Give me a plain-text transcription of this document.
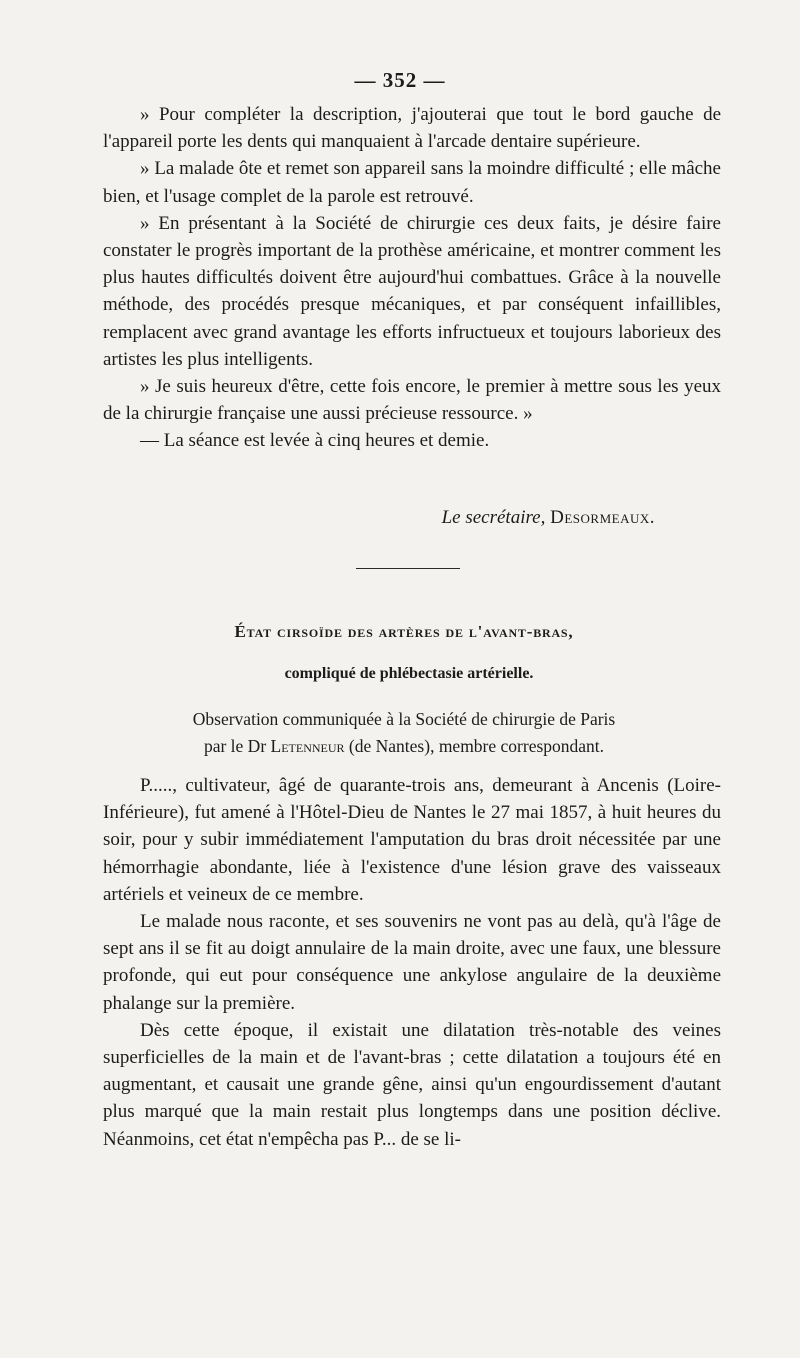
— 352 —

» Pour compléter la description, j'ajouterai que tout le bord gauche de l'appareil porte les dents qui manquaient à l'arcade dentaire supérieure.

» La malade ôte et remet son appareil sans la moindre difficulté ; elle mâche bien, et l'usage complet de la parole est retrouvé.

» En présentant à la Société de chirurgie ces deux faits, je désire faire constater le progrès important de la prothèse américaine, et montrer comment les plus hautes difficultés doivent être aujourd'hui combattues. Grâce à la nouvelle méthode, des procédés presque mécaniques, et par conséquent infaillibles, remplacent avec grand avantage les efforts infructueux et toujours laborieux des artistes les plus intelligents.

» Je suis heureux d'être, cette fois encore, le premier à mettre sous les yeux de la chirurgie française une aussi précieuse ressource. »

— La séance est levée à cinq heures et demie.

Le secrétaire, Desormeaux.
État cirsoïde des artères de l'avant-bras,
compliqué de phlébectasie artérielle.
Observation communiquée à la Société de chirurgie de Paris
par le Dr Letenneur (de Nantes), membre correspondant.

P....., cultivateur, âgé de quarante-trois ans, demeurant à Ancenis (Loire-Inférieure), fut amené à l'Hôtel-Dieu de Nantes le 27 mai 1857, à huit heures du soir, pour y subir immédiatement l'amputation du bras droit nécessitée par une hémorrhagie abondante, liée à l'existence d'une lésion grave des vaisseaux artériels et veineux de ce membre.

Le malade nous raconte, et ses souvenirs ne vont pas au delà, qu'à l'âge de sept ans il se fit au doigt annulaire de la main droite, avec une faux, une blessure profonde, qui eut pour conséquence une ankylose angulaire de la deuxième phalange sur la première.

Dès cette époque, il existait une dilatation très-notable des veines superficielles de la main et de l'avant-bras ; cette dilatation a toujours été en augmentant, et causait une grande gêne, ainsi qu'un engourdissement d'autant plus marqué que la main restait plus longtemps dans une position déclive. Néanmoins, cet état n'empêcha pas P... de se li-
